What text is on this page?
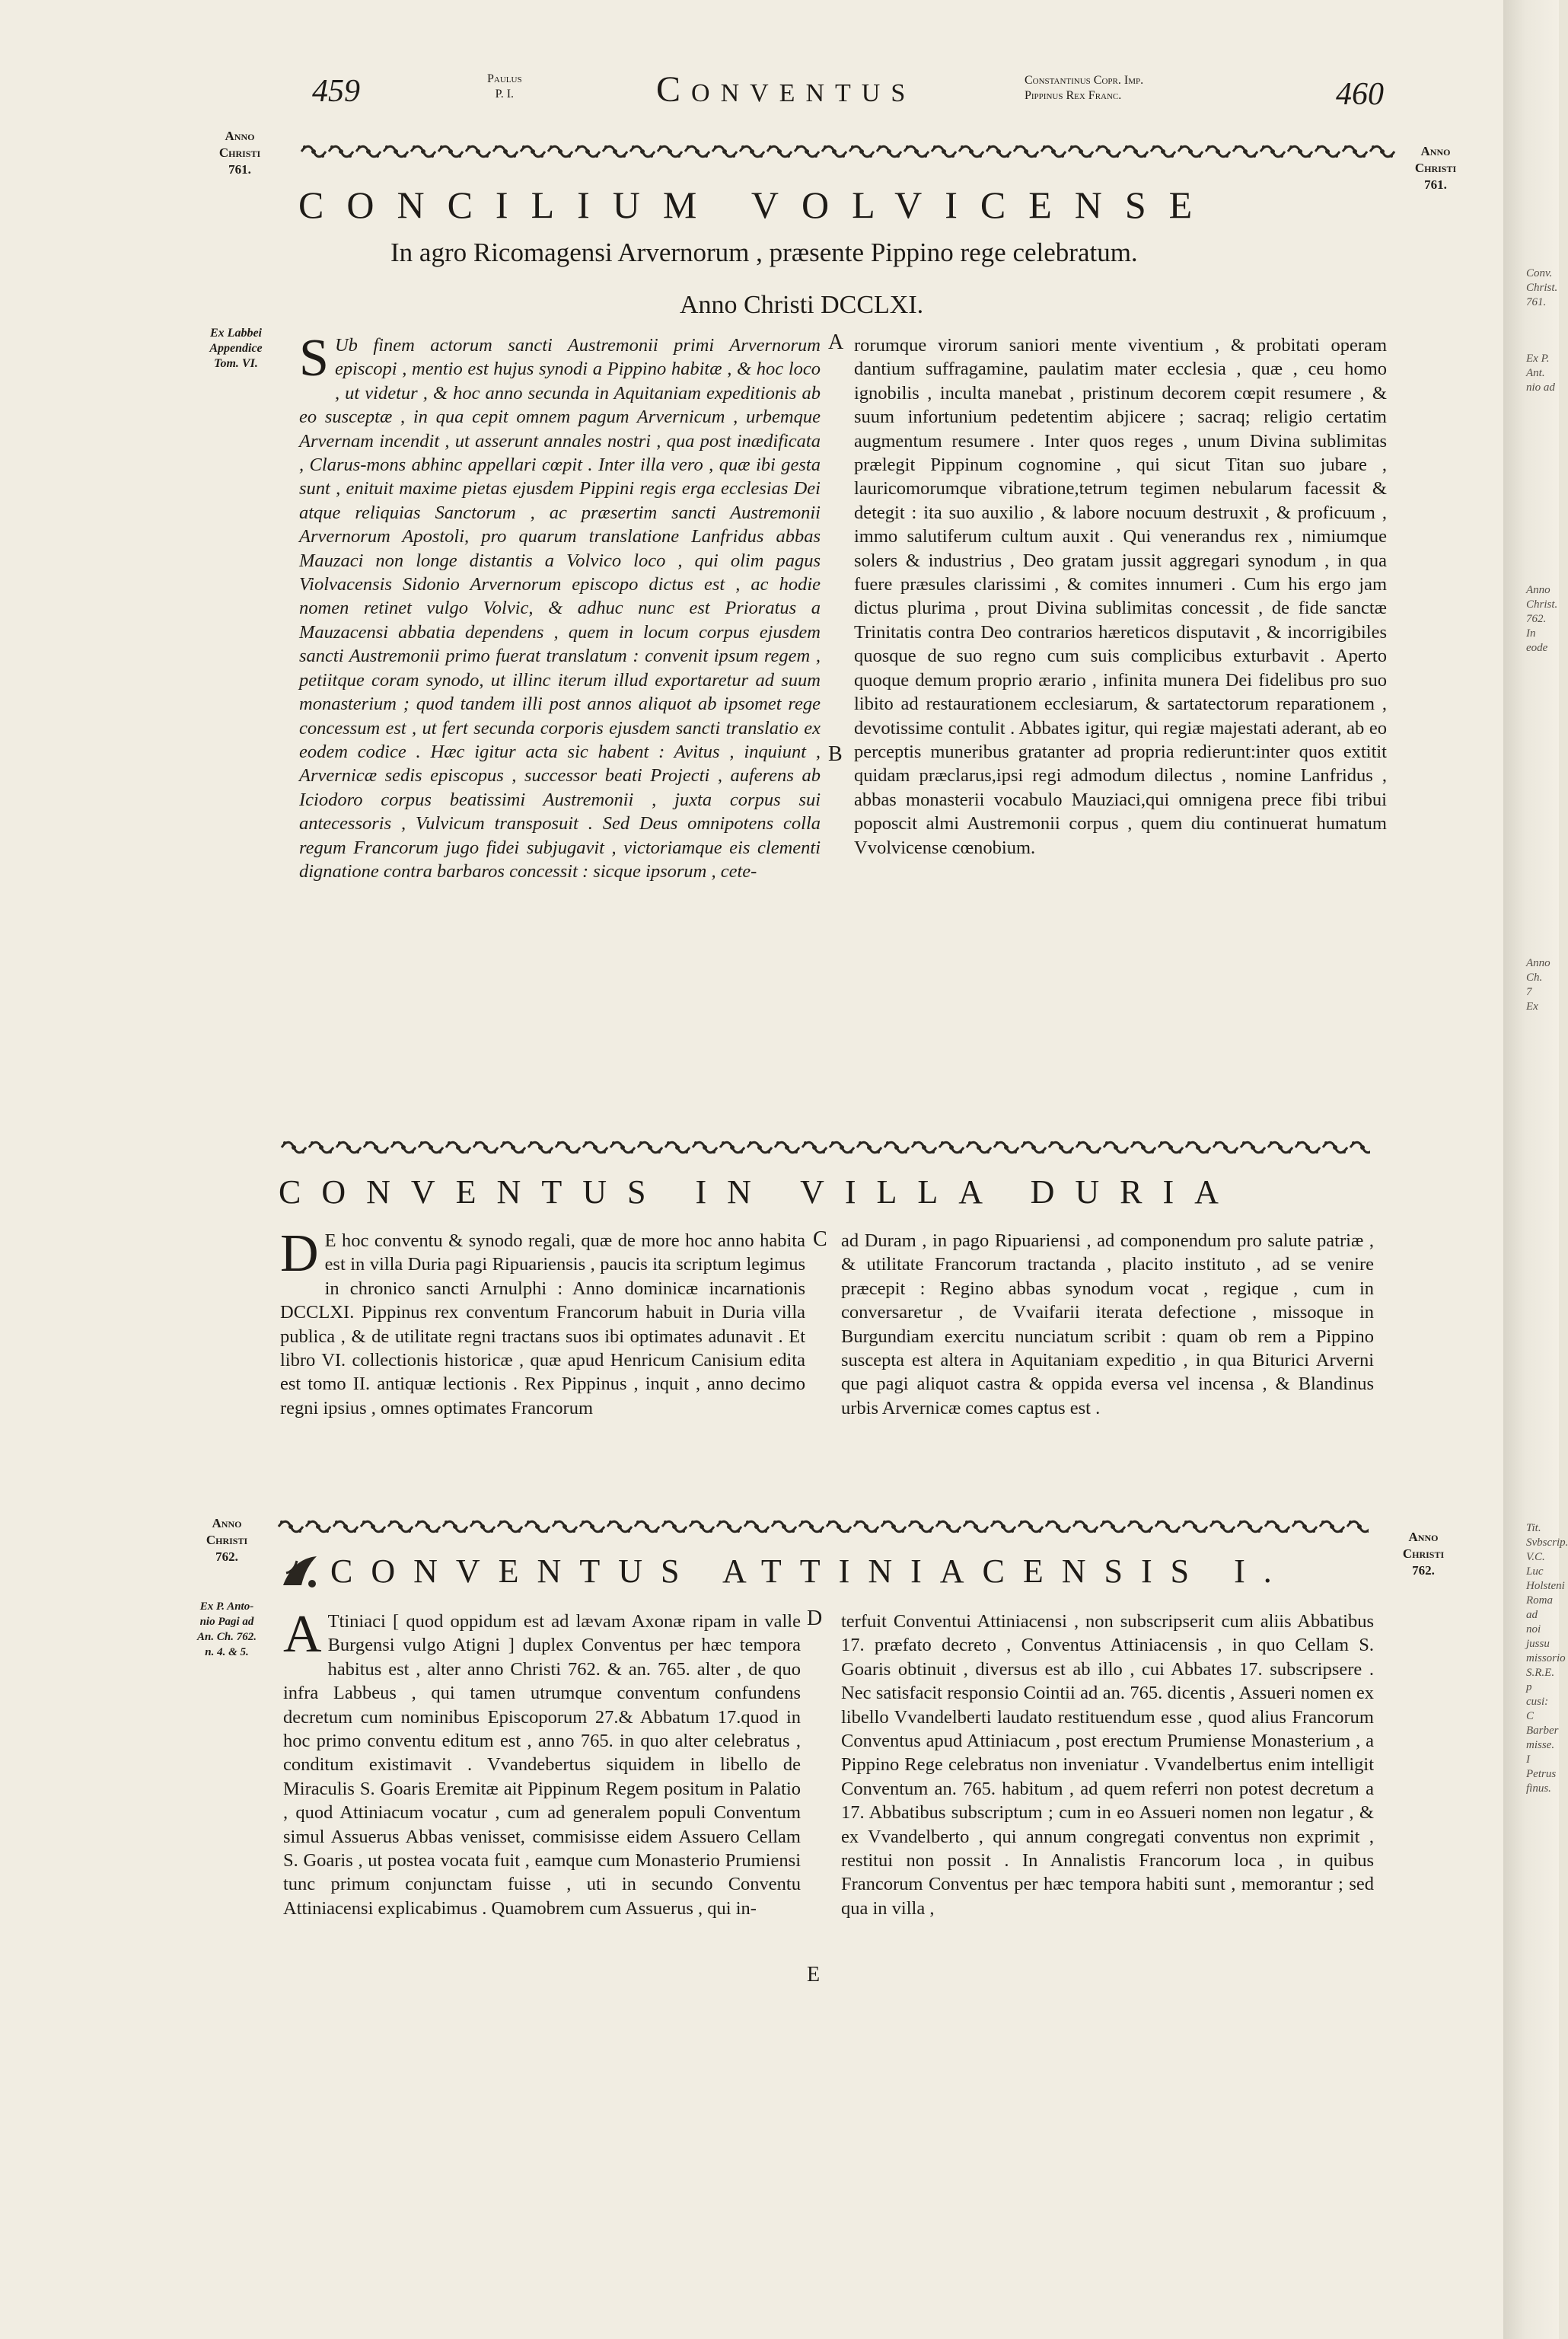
459	Paulus
P. I.	Conventus	Constantinus Copr. Imp.
Pippinus Rex Franc.	460
Anno
Christi
761.
Anno
Christi
761.
Ex Labbei
Appendice
Tom. VI.
Anno
Christi
762.
Anno
Christi
762.
Ex P. Anto-
nio Pagi ad
An. Ch. 762.
n. 4. & 5.
CONCILIUM VOLVICENSE
In agro Ricomagensi Arvernorum , præsente Pippino rege celebratum.
Anno Christi DCCLXI.
S Ub finem actorum sancti Austremonii primi Arvernorum episcopi , mentio est hujus synodi a Pippino habitæ , & hoc loco , ut videtur , & hoc anno secunda in Aquitaniam expeditionis ab eo susceptæ , in qua cepit omnem pagum Arvernicum , urbemque Arvernam incendit , ut asserunt annales nostri , qua post inædificata , Clarus-mons abhinc appellari cœpit . Inter illa vero , quæ ibi gesta sunt , enituit maxime pietas ejusdem Pippini regis erga ecclesias Dei atque reliquias Sanctorum , ac præsertim sancti Austremonii Arvernorum Apostoli, pro quarum translatione Lanfridus abbas Mauzaci non longe distantis a Volvico loco , qui olim pagus Violvacensis Sidonio Arvernorum episcopo dictus est , ac hodie nomen retinet vulgo Volvic, & adhuc nunc est Prioratus a Mauzacensi abbatia dependens , quem in locum corpus ejusdem sancti Austremonii primo fuerat translatum : convenit ipsum regem , petiitque coram synodo, ut illinc iterum illud exportaretur ad suum monasterium ; quod tandem illi post annos aliquot ab ipsomet rege concessum est , ut fert secunda corporis ejusdem sancti translatio ex eodem codice . Hæc igitur acta sic habent : Avitus , inquiunt , Arvernicæ sedis episcopus , successor beati Projecti , auferens ab Iciodoro corpus beatissimi Austremonii , juxta corpus sui antecessoris , Vulvicum transposuit . Sed Deus omnipotens colla regum Francorum jugo fidei subjugavit , victoriamque eis clementi dignatione contra barbaros concessit : sicque ipsorum , cete-

rorumque virorum saniori mente viventium , & probitati operam dantium suffragamine, paulatim mater ecclesia , quæ , ceu homo ignobilis , inculta manebat , pristinum decorem cœpit resumere , & suum infortunium pedetentim abjicere ; sacraq; religio certatim augmentum resumere . Inter quos reges , unum Divina sublimitas prælegit Pippinum cognomine , qui sicut Titan suo jubare , lauricomorumque vibratione,tetrum tegimen nebularum facessit & detegit : ita suo auxilio , & labore nocuum destruxit , & proficuum , immo salutiferum cultum auxit . Qui venerandus rex , nimiumque solers & industrius , Deo gratam jussit aggregari synodum , in qua fuere præsules clarissimi , & comites innumeri . Cum his ergo jam dictus plurima , prout Divina sublimitas concessit , de fide sanctæ Trinitatis contra Deo contrarios hæreticos disputavit , & incorrigibiles quosque de suo regno cum suis complicibus exturbavit . Aperto quoque demum proprio ærario , infinita munera Dei fidelibus pro suo libito ad restaurationem ecclesiarum, & sartatectorum reparationem , devotissime contulit . Abbates igitur, qui regiæ majestati aderant, ab eo perceptis muneribus gratanter ad propria redierunt:inter quos extitit quidam præclarus,ipsi regi admodum dilectus , nomine Lanfridus , abbas monasterii vocabulo Mauziaci,qui omnigena prece fibi tribui poposcit almi Austremonii corpus , quem diu continuerat humatum Vvolvicense cœnobium.

A
B
CONVENTUS IN VILLA DURIA
D E hoc conventu & synodo regali, quæ de more hoc anno habita est in villa Duria pagi Ripuariensis , paucis ita scriptum legimus in chronico sancti Arnulphi : Anno dominicæ incarnationis DCCLXI. Pippinus rex conventum Francorum habuit in Duria villa publica , & de utilitate regni tractans suos ibi optimates adunavit . Et libro VI. collectionis historicæ , quæ apud Henricum Canisium edita est tomo II. antiquæ lectionis . Rex Pippinus , inquit , anno decimo regni ipsius , omnes optimates Francorum

ad Duram , in pago Ripuariensi , ad componendum pro salute patriæ , & utilitate Francorum tractanda , placito instituto , ad se venire præcepit : Regino abbas synodum vocat , regique , cum in conversaretur , de Vvaifarii iterata defectione , missoque in Burgundiam exercitu nunciatum scribit : quam ob rem a Pippino suscepta est altera in Aquitaniam expeditio , in qua Biturici Arverni que pagi aliquot castra & oppida eversa vel incensa , & Blandinus urbis Arvernicæ comes captus est .

C
CONVENTUS ATTINIACENSIS I.
A Ttiniaci [ quod oppidum est ad lævam Axonæ ripam in valle Burgensi vulgo Atigni ] duplex Conventus per hæc tempora habitus est , alter anno Christi 762. & an. 765. alter , de quo infra Labbeus , qui tamen utrumque conventum confundens decretum cum nominibus Episcoporum 27.& Abbatum 17.quod in hoc primo conventu editum est , anno 765. in quo alter celebratus , conditum existimavit . Vvandebertus siquidem in libello de Miraculis S. Goaris Eremitæ ait Pippinum Regem positum in Palatio , quod Attiniacum vocatur , cum ad generalem populi Conventum simul Assuerus Abbas venisset, commisisse eidem Assuero Cellam S. Goaris , ut postea vocata fuit , eamque cum Monasterio Prumiensi tunc primum conjunctam fuisse , uti in secundo Conventu Attiniacensi explicabimus . Quamobrem cum Assuerus , qui in-

terfuit Conventui Attiniacensi , non subscripserit cum aliis Abbatibus 17. præfato decreto , Conventus Attiniacensis , in quo Cellam S. Goaris obtinuit , diversus est ab illo , cui Abbates 17. subscripsere . Nec satisfacit responsio Cointii ad an. 765. dicentis , Assueri nomen ex libello Vvandelberti laudato restituendum esse , quod alius Francorum Conventus apud Attiniacum , post erectum Prumiense Monasterium , a Pippino Rege celebratus non inveniatur . Vvandelbertus enim intelligit Conventum an. 765. habitum , ad quem referri non potest decretum a 17. Abbatibus subscriptum ; cum in eo Assueri nomen non legatur , & ex Vvandelberto , qui annum congregati conventus non exprimit , restitui non possit . In Annalistis Francorum loca , in quibus Francorum Conventus per hæc tempora habiti sunt , memorantur ; sed qua in villa ,

D
E
Conv.
Christ.
761.
Ex P. Ant.
nio ad
Anno
Christ.
762.
In eode
Anno
Ch.
7
Ex
Tit. Svbscrip.
V.C. Luc
Holsteni
Roma ad
noi jussu
missorio
S.R.E. p
cusi: C
Barber
misse. I
Petrus
finus.
